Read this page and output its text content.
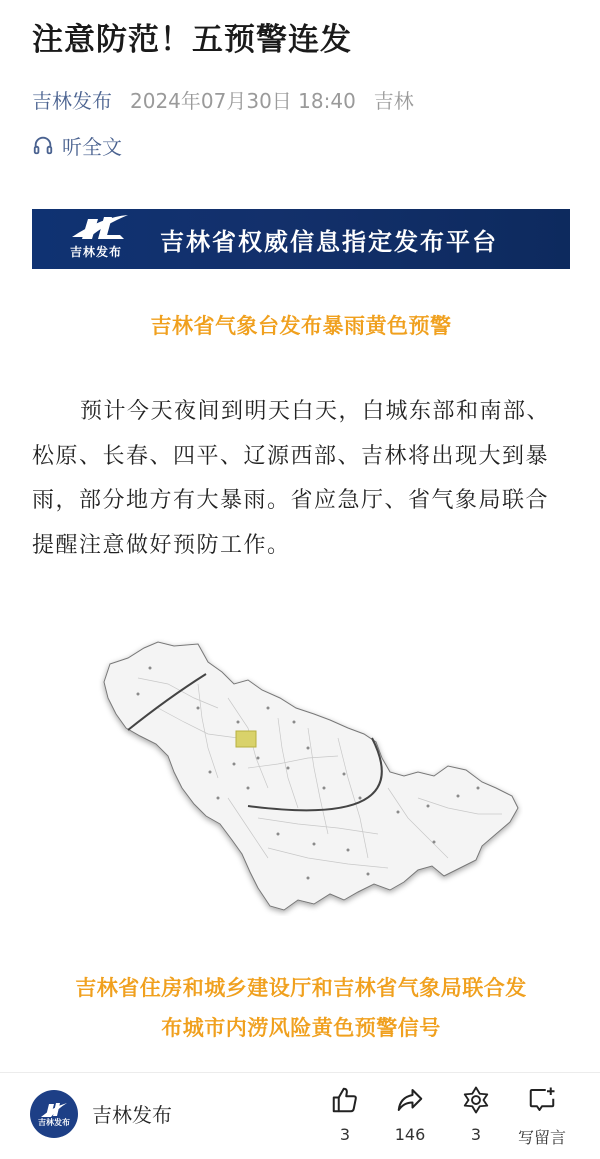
注意防范！五预警连发
吉林发布 2024年07月30日 18:40 吉林
听全文
吉林发布 吉林省权威信息指定发布平台
吉林省气象台发布暴雨黄色预警

预计今天夜间到明天白天，白城东部和南部、松原、长春、四平、辽源西部、吉林将出现大到暴雨，部分地方有大暴雨。省应急厅、省气象局联合提醒注意做好预防工作。

吉林省住房和城乡建设厅和吉林省气象局联合发
布城市内涝风险黄色预警信号
吉林发布 吉林发布
3	146	3	写留言
